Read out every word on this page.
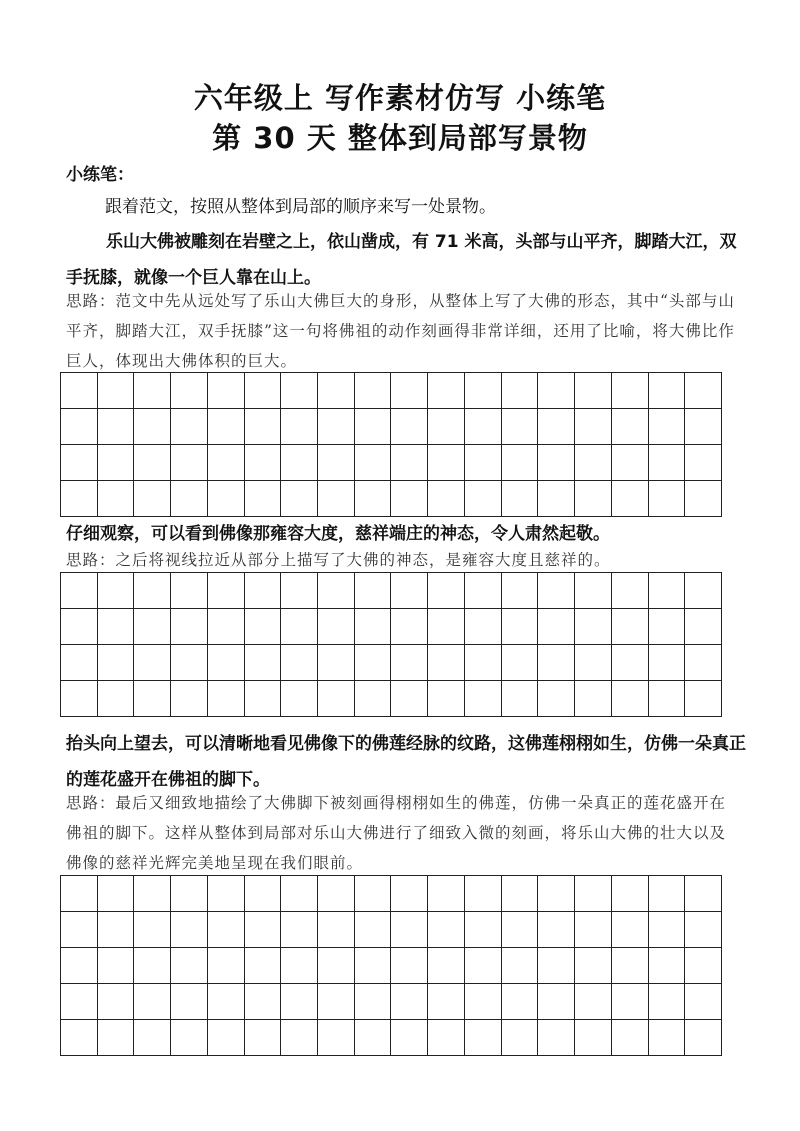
六年级上 写作素材仿写 小练笔
第 30 天 整体到局部写景物
小练笔：
跟着范文，按照从整体到局部的顺序来写一处景物。
乐山大佛被雕刻在岩壁之上，依山凿成，有 71 米高，头部与山平齐，脚踏大江，双手抚膝，就像一个巨人靠在山上。
思路：范文中先从远处写了乐山大佛巨大的身形，从整体上写了大佛的形态，其中“头部与山平齐，脚踏大江，双手抚膝”这一句将佛祖的动作刻画得非常详细，还用了比喻，将大佛比作巨人，体现出大佛体积的巨大。

仔细观察，可以看到佛像那雍容大度，慈祥端庄的神态，令人肃然起敬。
思路：之后将视线拉近从部分上描写了大佛的神态，是雍容大度且慈祥的。

抬头向上望去，可以清晰地看见佛像下的佛莲经脉的纹路，这佛莲栩栩如生，仿佛一朵真正的莲花盛开在佛祖的脚下。
思路：最后又细致地描绘了大佛脚下被刻画得栩栩如生的佛莲，仿佛一朵真正的莲花盛开在佛祖的脚下。这样从整体到局部对乐山大佛进行了细致入微的刻画，将乐山大佛的壮大以及佛像的慈祥光辉完美地呈现在我们眼前。
